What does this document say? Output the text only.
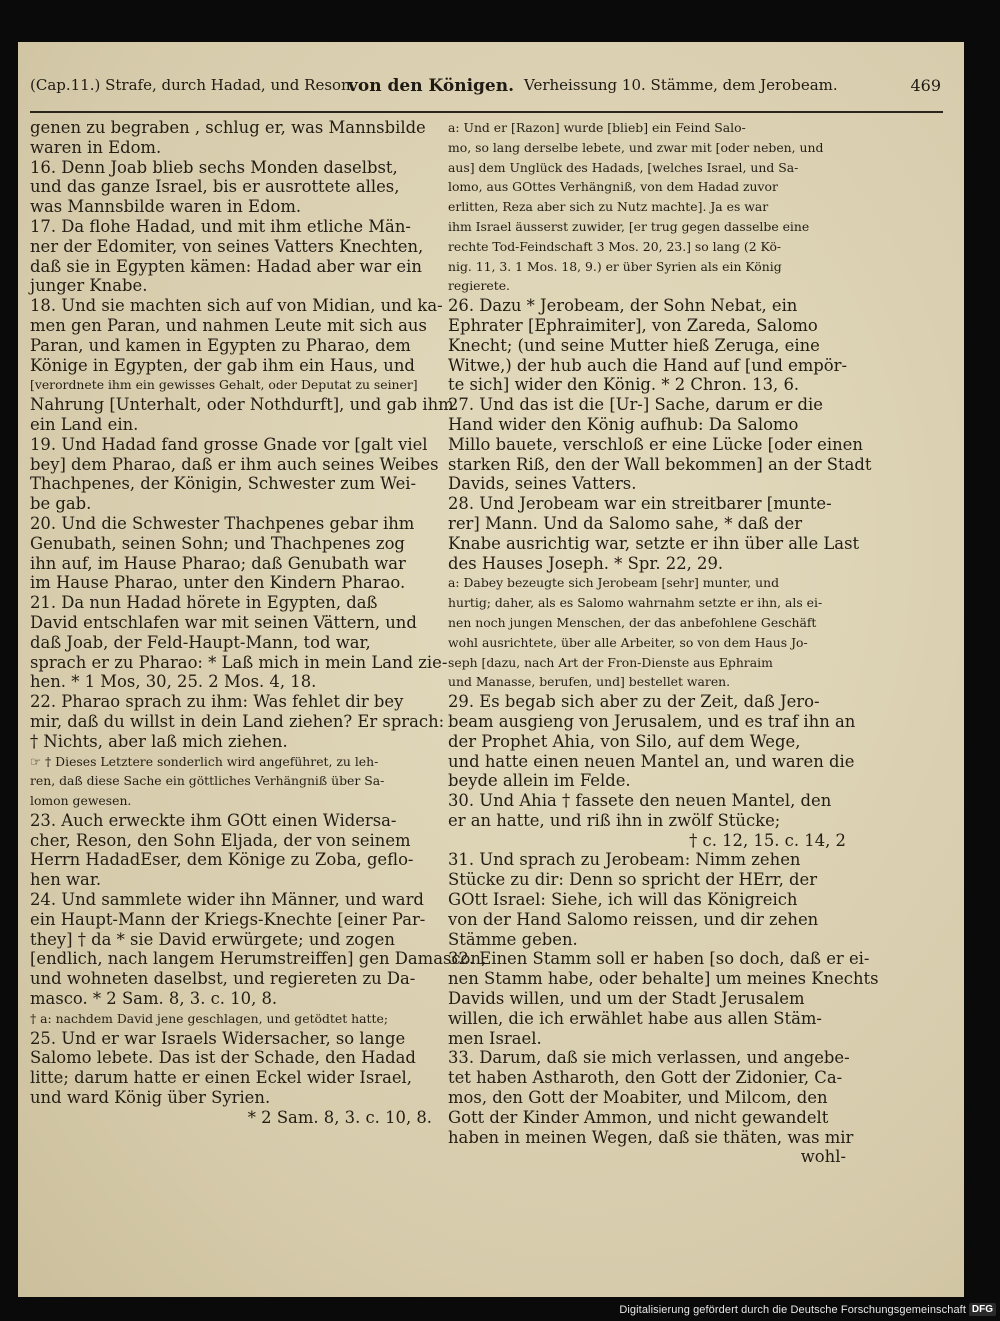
(Cap.11.) Strafe, durch Hadad, und Reson.
von den Königen. Verheissung 10. Stämme, dem Jerobeam.	469

genen zu begraben , schlug er, was Mannsbilde

waren in Edom.

16. Denn Joab blieb sechs Monden daselbst,

und das ganze Israel, bis er ausrottete alles,

was Mannsbilde waren in Edom.

17. Da flohe Hadad, und mit ihm etliche Män-

ner der Edomiter, von seines Vatters Knechten,

daß sie in Egypten kämen: Hadad aber war ein

junger Knabe.

18. Und sie machten sich auf von Midian, und ka-

men gen Paran, und nahmen Leute mit sich aus

Paran, und kamen in Egypten zu Pharao, dem

Könige in Egypten, der gab ihm ein Haus, und

[verordnete ihm ein gewisses Gehalt, oder Deputat zu seiner]

Nahrung [Unterhalt, oder Nothdurft], und gab ihm

ein Land ein.

19. Und Hadad fand grosse Gnade vor [galt viel

bey] dem Pharao, daß er ihm auch seines Weibes

Thachpenes, der Königin, Schwester zum Wei-

be gab.

20. Und die Schwester Thachpenes gebar ihm

Genubath, seinen Sohn; und Thachpenes zog

ihn auf, im Hause Pharao; daß Genubath war

im Hause Pharao, unter den Kindern Pharao.

21. Da nun Hadad hörete in Egypten, daß

David entschlafen war mit seinen Vättern, und

daß Joab, der Feld-Haupt-Mann, tod war,

sprach er zu Pharao: * Laß mich in mein Land zie-

hen. * 1 Mos, 30, 25. 2 Mos. 4, 18.

22. Pharao sprach zu ihm: Was fehlet dir bey

mir, daß du willst in dein Land ziehen? Er sprach:

† Nichts, aber laß mich ziehen.

☞ † Dieses Letztere sonderlich wird angeführet, zu leh-

ren, daß diese Sache ein göttliches Verhängniß über Sa-

lomon gewesen.

23. Auch erweckte ihm GOtt einen Widersa-

cher, Reson, den Sohn Eljada, der von seinem

Herrn HadadEser, dem Könige zu Zoba, geflo-

hen war.

24. Und sammlete wider ihn Männer, und ward

ein Haupt-Mann der Kriegs-Knechte [einer Par-

they] † da * sie David erwürgete; und zogen

[endlich, nach langem Herumstreiffen] gen Damascon,

und wohneten daselbst, und regiereten zu Da-

masco. * 2 Sam. 8, 3. c. 10, 8.

† a: nachdem David jene geschlagen, und getödtet hatte;

25. Und er war Israels Widersacher, so lange

Salomo lebete. Das ist der Schade, den Hadad

litte; darum hatte er einen Eckel wider Israel,

und ward König über Syrien.

* 2 Sam. 8, 3. c. 10, 8.

a: Und er [Razon] wurde [blieb] ein Feind Salo-

mo, so lang derselbe lebete, und zwar mit [oder neben, und

aus] dem Unglück des Hadads, [welches Israel, und Sa-

lomo, aus GOttes Verhängniß, von dem Hadad zuvor

erlitten, Reza aber sich zu Nutz machte]. Ja es war

ihm Israel äusserst zuwider, [er trug gegen dasselbe eine

rechte Tod-Feindschaft 3 Mos. 20, 23.] so lang (2 Kö-

nig. 11, 3. 1 Mos. 18, 9.) er über Syrien als ein König

regierete.

26. Dazu * Jerobeam, der Sohn Nebat, ein

Ephrater [Ephraimiter], von Zareda, Salomo

Knecht; (und seine Mutter hieß Zeruga, eine

Witwe,) der hub auch die Hand auf [und empör-

te sich] wider den König. * 2 Chron. 13, 6.

27. Und das ist die [Ur-] Sache, darum er die

Hand wider den König aufhub: Da Salomo

Millo bauete, verschloß er eine Lücke [oder einen

starken Riß, den der Wall bekommen] an der Stadt

Davids, seines Vatters.

28. Und Jerobeam war ein streitbarer [munte-

rer] Mann. Und da Salomo sahe, * daß der

Knabe ausrichtig war, setzte er ihn über alle Last

des Hauses Joseph. * Spr. 22, 29.

a: Dabey bezeugte sich Jerobeam [sehr] munter, und

hurtig; daher, als es Salomo wahrnahm setzte er ihn, als ei-

nen noch jungen Menschen, der das anbefohlene Geschäft

wohl ausrichtete, über alle Arbeiter, so von dem Haus Jo-

seph [dazu, nach Art der Fron-Dienste aus Ephraim

und Manasse, berufen, und] bestellet waren.

29. Es begab sich aber zu der Zeit, daß Jero-

beam ausgieng von Jerusalem, und es traf ihn an

der Prophet Ahia, von Silo, auf dem Wege,

und hatte einen neuen Mantel an, und waren die

beyde allein im Felde.

30. Und Ahia † fassete den neuen Mantel, den

er an hatte, und riß ihn in zwölf Stücke;

† c. 12, 15. c. 14, 2

31. Und sprach zu Jerobeam: Nimm zehen

Stücke zu dir: Denn so spricht der HErr, der

GOtt Israel: Siehe, ich will das Königreich

von der Hand Salomo reissen, und dir zehen

Stämme geben.

32. Einen Stamm soll er haben [so doch, daß er ei-

nen Stamm habe, oder behalte] um meines Knechts

Davids willen, und um der Stadt Jerusalem

willen, die ich erwählet habe aus allen Stäm-

men Israel.

33. Darum, daß sie mich verlassen, und angebe-

tet haben Astharoth, den Gott der Zidonier, Ca-

mos, den Gott der Moabiter, und Milcom, den

Gott der Kinder Ammon, und nicht gewandelt

haben in meinen Wegen, daß sie thäten, was mir

wohl-

Digitalisierung gefördert durch die Deutsche Forschungsgemeinschaft DFG
